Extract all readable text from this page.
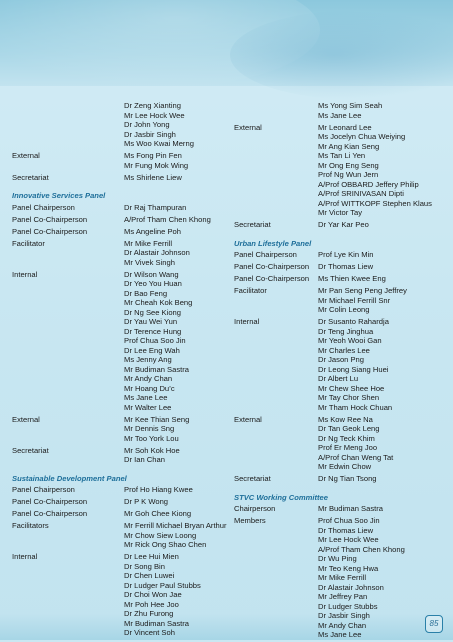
Dr Zeng Xianting
Mr Lee Hock Wee
Dr John Yong
Dr Jasbir Singh
Ms Woo Kwai Merng
External	Ms Fong Pin Fen
Mr Fung Mok Wing
Secretariat	Ms Shirlene Liew
Innovative Services Panel
Panel Chairperson	Dr Raj Thampuran
Panel Co-Chairperson	A/Prof Tham Chen Khong
Panel Co-Chairperson	Ms Angeline Poh
Facilitator	Mr Mike Ferrill
Dr Alastair Johnson
Mr Vivek Singh
Internal	Dr Wilson Wang
Dr Yeo You Huan
Dr Bao Feng
Mr Cheah Kok Beng
Dr Ng See Kiong
Dr Yau Wei Yun
Dr Terence Hung
Prof Chua Soo Jin
Dr Lee Eng Wah
Ms Jenny Ang
Mr Budiman Sastra
Mr Andy Chan
Mr Hoang Du’c
Ms Jane Lee
Mr Walter Lee
External	Mr Kee Thian Seng
Mr Dennis Sng
Mr Too York Lou
Secretariat	Mr Soh Kok Hoe
Dr Ian Chan
Sustainable Development Panel
Panel Chairperson	Prof Ho Hiang Kwee
Panel Co-Chairperson	Dr P K Wong
Panel Co-Chairperson	Mr Goh Chee Kiong
Facilitators	Mr Ferrill Michael Bryan Arthur
Mr Chow Siew Loong
Mr Rick Ong Shao Chen
Internal	Dr Lee Hui Mien
Dr Song Bin
Dr Chen Luwei
Dr Ludger Paul Stubbs
Dr Choi Won Jae
Mr Poh Hee Joo
Dr Zhu Furong
Mr Budiman Sastra
Dr Vincent Soh
Ms Yong Sim Seah
Ms Jane Lee
External	Mr Leonard Lee
Ms Jocelyn Chua Weiying
Mr Ang Kian Seng
Ms Tan Li Yen
Mr Ong Eng Seng
Prof Ng Wun Jern
A/Prof OBBARD Jeffery Philip
A/Prof SRINIVASAN Dipti
A/Prof WITTKOPF Stephen Klaus
Mr Victor Tay
Secretariat	Dr Yar Kar Peo
Urban Lifestyle Panel
Panel Chairperson	Prof Lye Kin Min
Panel Co-Chairperson	Dr Thomas Liew
Panel Co-Chairperson	Ms Thien Kwee Eng
Facilitator	Mr Pan Seng Peng Jeffrey
Mr Michael Ferrill Snr
Mr Colin Leong
Internal	Dr Susanto Rahardja
Dr Teng Jinghua
Mr Yeoh Wooi Gan
Mr Charles Lee
Dr Jason Png
Dr Leong Siang Huei
Dr Albert Lu
Mr Chew Shee Hoe
Mr Tay Chor Shen
Mr Tham Hock Chuan
External	Ms Kow Ree Na
Dr Tan Geok Leng
Dr Ng Teck Khim
Prof Er Meng Joo
A/Prof Chan Weng Tat
Mr Edwin Chow
Secretariat	Dr Ng Tian Tsong
STVC Working Committee
Chairperson	Mr Budiman Sastra
Members	Prof Chua Soo Jin
Dr Thomas Liew
Mr Lee Hock Wee
A/Prof Tham Chen Khong
Dr Wu Ping
Mr Teo Keng Hwa
Mr Mike Ferrill
Dr Alastair Johnson
Mr Jeffrey Pan
Dr Ludger Stubbs
Dr Jasbir Singh
Mr Andy Chan
Ms Jane Lee
85
